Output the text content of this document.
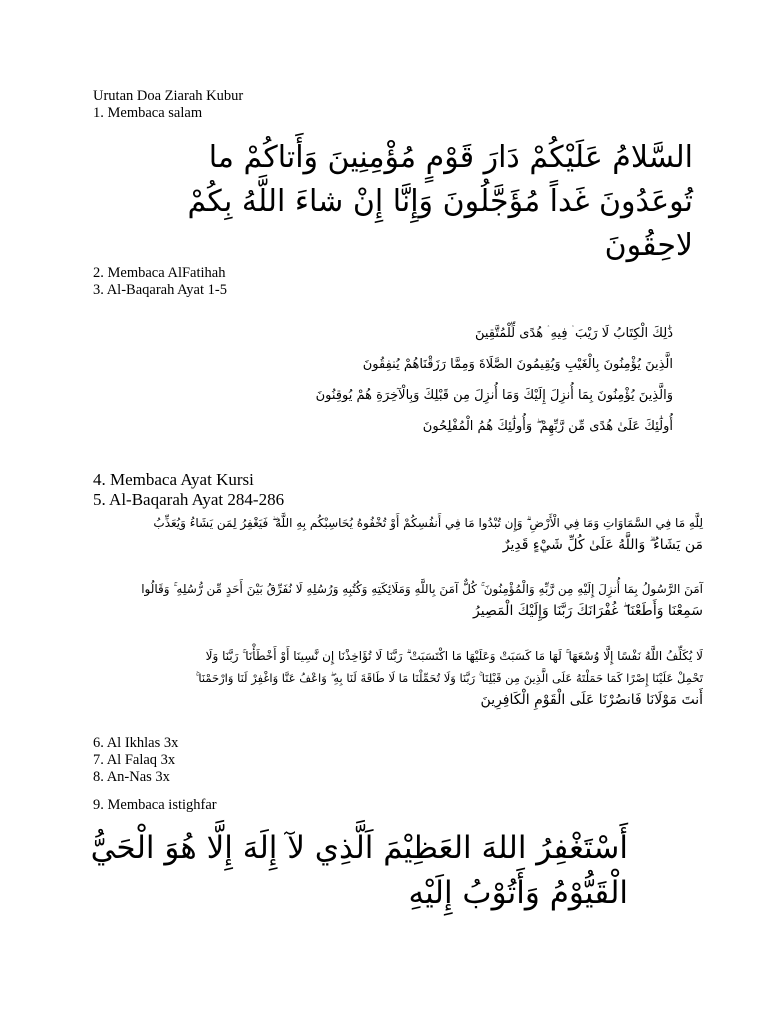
Urutan Doa Ziarah Kubur
1. Membaca salam
السَّلامُ عَلَيْكُمْ دَارَ قَوْمٍ مُؤْمِنِينَ وَأَتاكُمْ ما
تُوعَدُونَ غَداً مُؤَجَّلُونَ وَإِنَّا إِنْ شاءَ اللَّهُ بِكُمْ
لاحِقُونَ
2. Membaca AlFatihah
3. Al-Baqarah Ayat 1-5
ذَٰلِكَ الْكِتَابُ لَا رَيْبَ ۛ فِيهِ ۛ هُدًى لِّلْمُتَّقِينَ
الَّذِينَ يُؤْمِنُونَ بِالْغَيْبِ وَيُقِيمُونَ الصَّلَاةَ وَمِمَّا رَزَقْنَاهُمْ يُنفِقُونَ
وَالَّذِينَ يُؤْمِنُونَ بِمَا أُنزِلَ إِلَيْكَ وَمَا أُنزِلَ مِن قَبْلِكَ وَبِالْآخِرَةِ هُمْ يُوقِنُونَ
أُولَٰئِكَ عَلَىٰ هُدًى مِّن رَّبِّهِمْ ۖ وَأُولَٰئِكَ هُمُ الْمُفْلِحُونَ
4. Membaca Ayat Kursi
5. Al-Baqarah Ayat 284-286
لِلَّهِ مَا فِي السَّمَاوَاتِ وَمَا فِي الْأَرْضِ ۗ وَإِن تُبْدُوا مَا فِي أَنفُسِكُمْ أَوْ تُخْفُوهُ يُحَاسِبْكُم بِهِ اللَّهُ ۖ فَيَغْفِرُ لِمَن يَشَاءُ وَيُعَذِّبُ
مَن يَشَاءُ ۗ وَاللَّهُ عَلَىٰ كُلِّ شَيْءٍ قَدِيرٌ
آمَنَ الرَّسُولُ بِمَا أُنزِلَ إِلَيْهِ مِن رَّبِّهِ وَالْمُؤْمِنُونَ ۚ كُلٌّ آمَنَ بِاللَّهِ وَمَلَائِكَتِهِ وَكُتُبِهِ وَرُسُلِهِ لَا نُفَرِّقُ بَيْنَ أَحَدٍ مِّن رُّسُلِهِ ۚ وَقَالُوا
سَمِعْنَا وَأَطَعْنَا ۖ غُفْرَانَكَ رَبَّنَا وَإِلَيْكَ الْمَصِيرُ
لَا يُكَلِّفُ اللَّهُ نَفْسًا إِلَّا وُسْعَهَا ۚ لَهَا مَا كَسَبَتْ وَعَلَيْهَا مَا اكْتَسَبَتْ ۗ رَبَّنَا لَا تُؤَاخِذْنَا إِن نَّسِينَا أَوْ أَخْطَأْنَا ۚ رَبَّنَا وَلَا
تَحْمِلْ عَلَيْنَا إِصْرًا كَمَا حَمَلْتَهُ عَلَى الَّذِينَ مِن قَبْلِنَا ۚ رَبَّنَا وَلَا تُحَمِّلْنَا مَا لَا طَاقَةَ لَنَا بِهِ ۖ وَاعْفُ عَنَّا وَاغْفِرْ لَنَا وَارْحَمْنَا ۚ
أَنتَ مَوْلَانَا فَانصُرْنَا عَلَى الْقَوْمِ الْكَافِرِينَ
6. Al Ikhlas 3x
7. Al Falaq 3x
8. An-Nas 3x
9. Membaca istighfar
أَسْتَغْفِرُ اللهَ العَظِيْمَ اَلَّذِي لآ إِلَهَ إِلَّا هُوَ الْحَيُّ
الْقَيُّوْمُ وَأَتُوْبُ إِلَيْهِ
